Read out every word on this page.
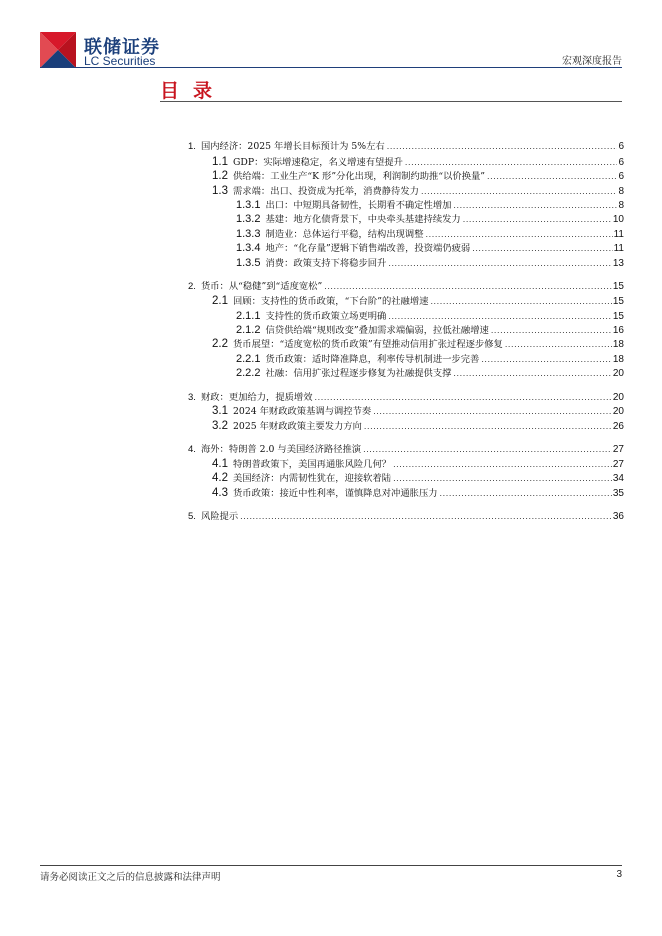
联储证券
LC Securities	宏观深度报告
目录
1. 国内经济：2025 年增长目标预计为 5%左右 .....	6
1.1 GDP：实际增速稳定，名义增速有望提升 .....	6
1.2 供给端：工业生产“K 形”分化出现，利润制约助推“以价换量” .....	6
1.3 需求端：出口、投资成为托举，消费静待发力 .....	8
1.3.1 出口：中短期具备韧性，长期看不确定性增加 .....	8
1.3.2 基建：地方化债背景下，中央牵头基建持续发力 .....	10
1.3.3 制造业：总体运行平稳，结构出现调整 .....	11
1.3.4 地产：“化存量”逻辑下销售端改善，投资端仍疲弱 .....	11
1.3.5 消费：政策支持下将稳步回升 .....	13
2. 货币：从“稳健”到“适度宽松” .....	15
2.1 回顾：支持性的货币政策，“下台阶”的社融增速 .....	15
2.1.1 支持性的货币政策立场更明确 .....	15
2.1.2 信贷供给端“规则改变”叠加需求端偏弱，拉低社融增速 .....	16
2.2 货币展望：“适度宽松的货币政策”有望推动信用扩张过程逐步修复 .....	18
2.2.1 货币政策：适时降准降息，利率传导机制进一步完善 .....	18
2.2.2 社融：信用扩张过程逐步修复为社融提供支撑 .....	20
3. 财政：更加给力，提质增效 .....	20
3.1 2024 年财政政策基调与调控节奏 .....	20
3.2 2025 年财政政策主要发力方向 .....	26
4. 海外：特朗普 2.0 与美国经济路径推演 .....	27
4.1 特朗普政策下，美国再通胀风险几何？ .....	27
4.2 美国经济：内需韧性犹在，迎接软着陆 .....	34
4.3 货币政策：接近中性利率，谨慎降息对冲通胀压力 .....	35
5. 风险提示 .....	36
请务必阅读正文之后的信息披露和法律声明	3
